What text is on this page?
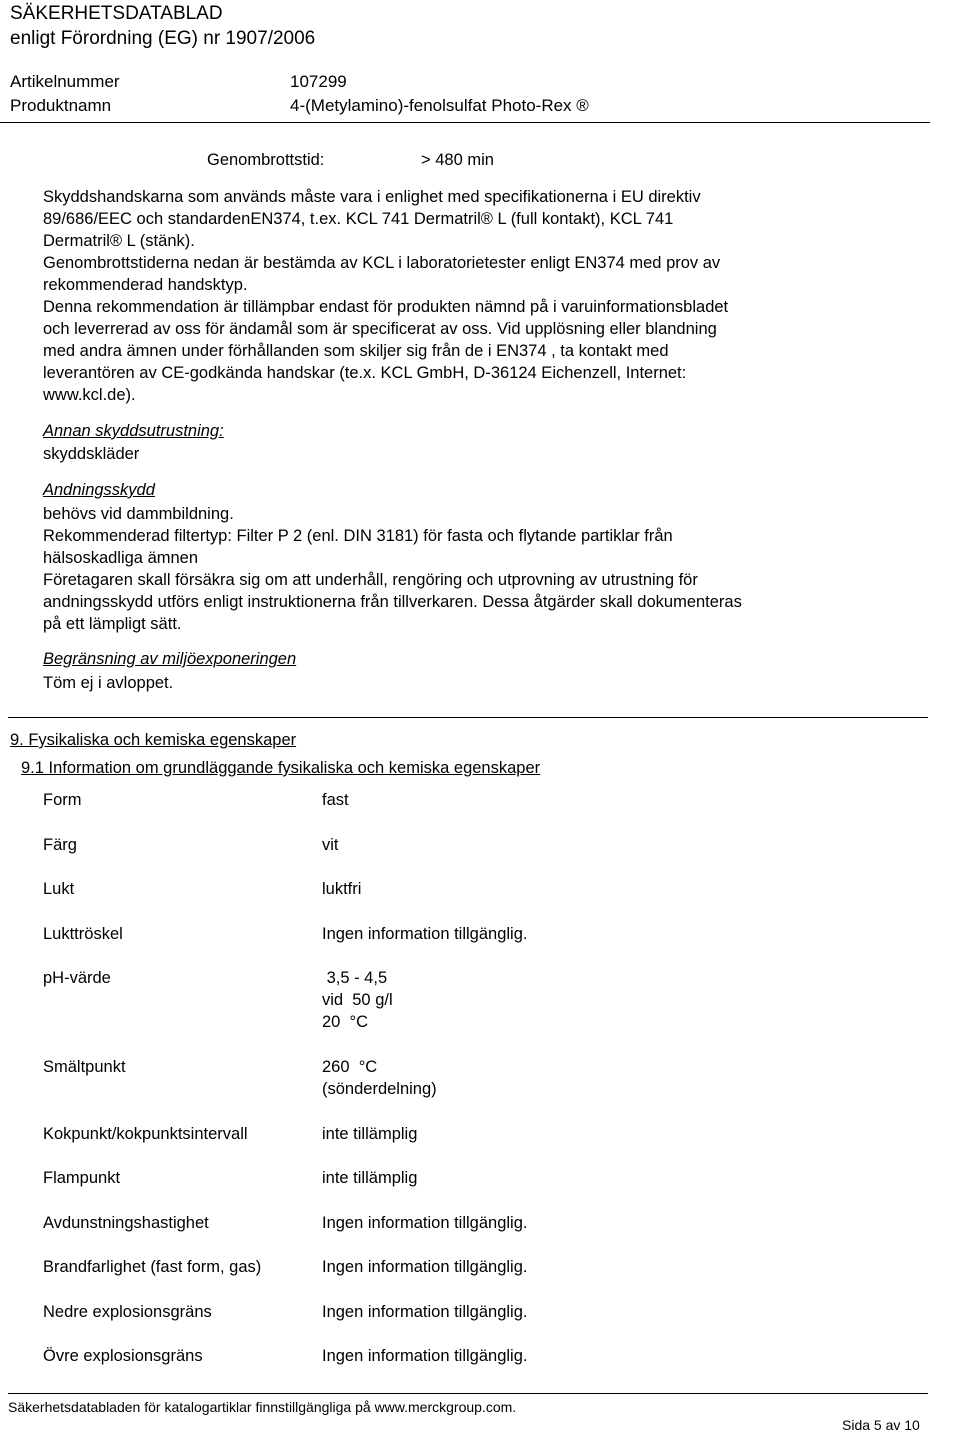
SÄKERHETSDATABLAD
enligt Förordning (EG) nr 1907/2006
Artikelnummer	107299
Produktnamn	4-(Metylamino)-fenolsulfat Photo-Rex ®
Genombrottstid:	> 480 min
Skyddshandskarna som används måste vara i enlighet med specifikationerna i EU direktiv
89/686/EEC och standardenEN374, t.ex. KCL 741 Dermatril® L (full kontakt), KCL 741
Dermatril® L (stänk).
Genombrottstiderna nedan är bestämda av KCL i laboratorietester enligt EN374 med prov av
rekommenderad handsktyp.
Denna rekommendation är tillämpbar endast för produkten nämnd på i varuinformationsbladet
och leverrerad av oss för ändamål som är specificerat av oss. Vid upplösning eller blandning
med andra ämnen under förhållanden som skiljer sig från de i EN374 , ta kontakt med
leverantören av CE-godkända handskar (te.x. KCL GmbH, D-36124 Eichenzell, Internet:
www.kcl.de).
Annan skyddsutrustning:
skyddskläder
Andningsskydd
behövs vid dammbildning.
Rekommenderad filtertyp: Filter P 2 (enl. DIN 3181) för fasta och flytande partiklar från
hälsoskadliga ämnen
Företagaren skall försäkra sig om att underhåll, rengöring och utprovning av utrustning för
andningsskydd utförs enligt instruktionerna från tillverkaren. Dessa åtgärder skall dokumenteras
på ett lämpligt sätt.
Begränsning av miljöexponeringen
Töm ej i avloppet.
9. Fysikaliska och kemiska egenskaper
9.1 Information om grundläggande fysikaliska och kemiska egenskaper
Form	fast
Färg	vit
Lukt	luktfri
Lukttröskel	Ingen information tillgänglig.
pH-värde	3,5 - 4,5
vid  50 g/l
20  °C
Smältpunkt	260  °C
(sönderdelning)
Kokpunkt/kokpunktsintervall	inte tillämplig
Flampunkt	inte tillämplig
Avdunstningshastighet	Ingen information tillgänglig.
Brandfarlighet (fast form, gas)	Ingen information tillgänglig.
Nedre explosionsgräns	Ingen information tillgänglig.
Övre explosionsgräns	Ingen information tillgänglig.
Säkerhetsdatabladen för katalogartiklar finnstillgängliga på www.merckgroup.com.
Sida 5 av 10
